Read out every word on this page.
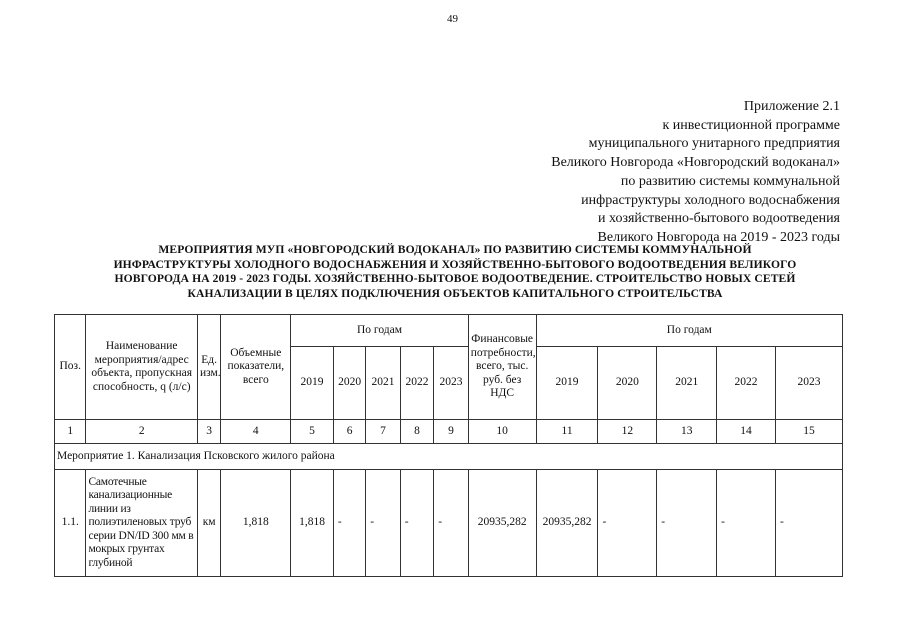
49
Приложение 2.1
к инвестиционной программе
муниципального унитарного предприятия
Великого Новгорода «Новгородский водоканал»
по развитию системы коммунальной
инфраструктуры холодного водоснабжения
и хозяйственно-бытового водоотведения
Великого Новгорода на 2019 - 2023 годы
МЕРОПРИЯТИЯ МУП «НОВГОРОДСКИЙ ВОДОКАНАЛ» ПО РАЗВИТИЮ СИСТЕМЫ КОММУНАЛЬНОЙ
ИНФРАСТРУКТУРЫ ХОЛОДНОГО ВОДОСНАБЖЕНИЯ И ХОЗЯЙСТВЕННО-БЫТОВОГО ВОДООТВЕДЕНИЯ ВЕЛИКОГО
НОВГОРОДА НА 2019 - 2023 ГОДЫ. ХОЗЯЙСТВЕННО-БЫТОВОЕ ВОДООТВЕДЕНИЕ. СТРОИТЕЛЬСТВО НОВЫХ СЕТЕЙ
КАНАЛИЗАЦИИ В ЦЕЛЯХ ПОДКЛЮЧЕНИЯ ОБЪЕКТОВ КАПИТАЛЬНОГО СТРОИТЕЛЬСТВА
Поз.	Наименование мероприятия/адрес объекта, пропускная способность, q (л/с)	Ед. изм.	Объемные показатели, всего	По годам					Финансовые потребности, всего, тыс. руб. без НДС	По годам				
				2019	2020	2021	2022	2023		2019	2020	2021	2022	2023
1	2	3	4	5	6	7	8	9	10	11	12	13	14	15
Мероприятие 1. Канализация Псковского жилого района														
1.1.	Самотечные канализационные линии из полиэтиленовых труб серии DN/ID 300 мм в мокрых грунтах глубиной	км	1,818	1,818	-	-	-	-	20935,282	20935,282	-	-	-	-
